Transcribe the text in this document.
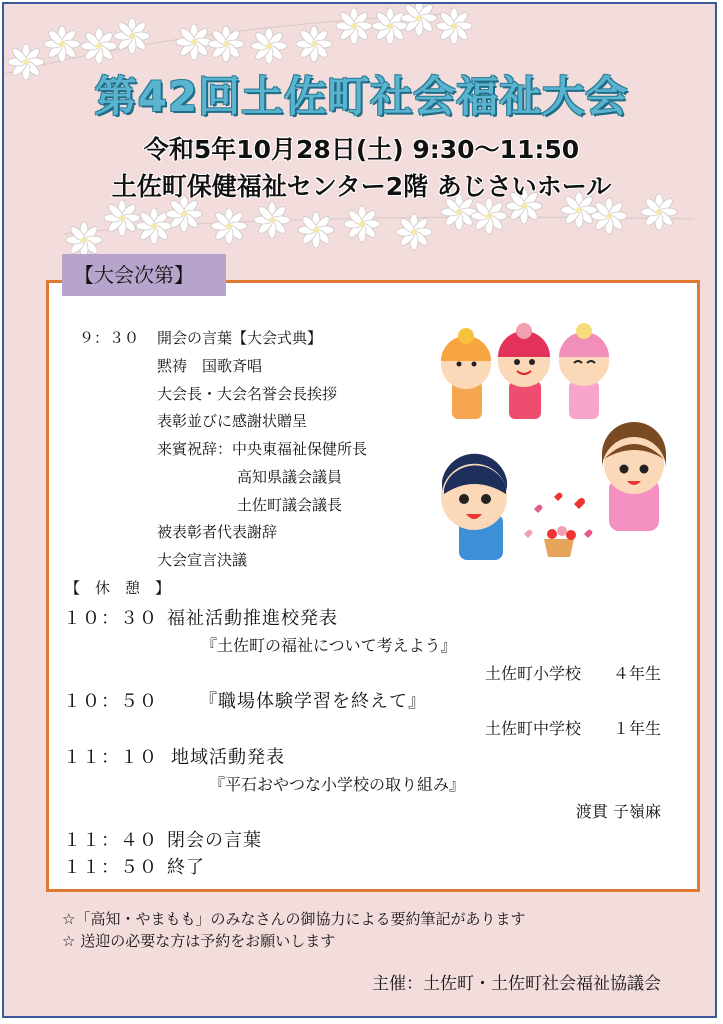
第42回土佐町社会福祉大会
令和5年10月28日(土) 9:30～11:50
土佐町保健福祉センター2階 あじさいホール
【大会次第】
９：３０ 開会の言葉【大会式典】
黙祷　国歌斉唱
大会長・大会名誉会長挨拶
表彰並びに感謝状贈呈
来賓祝辞：中央東福祉保健所長
高知県議会議員
土佐町議会議長
被表彰者代表謝辞
大会宣言決議
【　休　憩　】
１０：３０ 福祉活動推進校発表
『土佐町の福祉について考えよう』
土佐町小学校　　４年生
１０：５０ 『職場体験学習を終えて』
土佐町中学校　　１年生
１１：１０ 地域活動発表
『平石おやつな小学校の取り組み』
渡貫 子嶺麻
１１：４０ 閉会の言葉
１１：５０ 終了
☆「高知・やまもも」のみなさんの御協力による要約筆記があります
☆ 送迎の必要な方は予約をお願いします
主催：土佐町・土佐町社会福祉協議会
